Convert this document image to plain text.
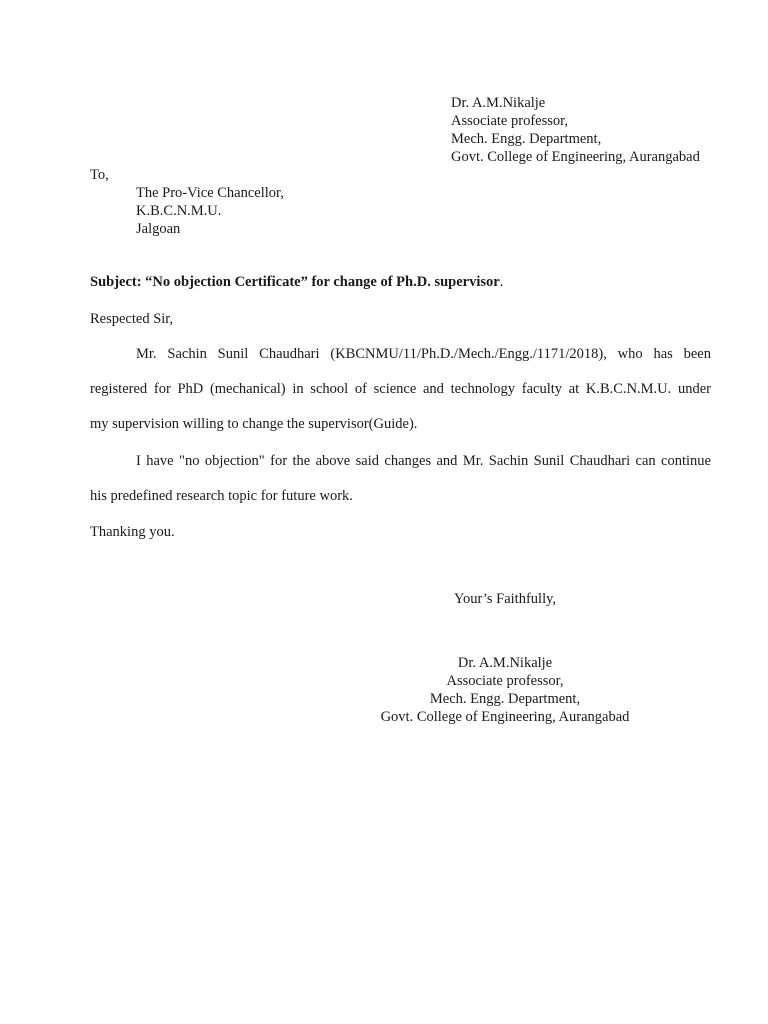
Dr. A.M.Nikalje
Associate professor,
Mech. Engg. Department,
Govt. College of Engineering, Aurangabad
To,
The Pro-Vice Chancellor,
K.B.C.N.M.U.
Jalgoan
Subject: “No objection Certificate” for change of Ph.D. supervisor.
Respected Sir,
Mr. Sachin Sunil Chaudhari (KBCNMU/11/Ph.D./Mech./Engg./1171/2018), who has been
registered for PhD (mechanical) in school of science and technology faculty at K.B.C.N.M.U. under
my supervision willing to change the supervisor(Guide).
I have "no objection" for the above said changes and Mr. Sachin Sunil Chaudhari can continue
his predefined research topic for future work.
Thanking you.
Your’s Faithfully,
Dr. A.M.Nikalje
Associate professor,
Mech. Engg. Department,
Govt. College of Engineering, Aurangabad
